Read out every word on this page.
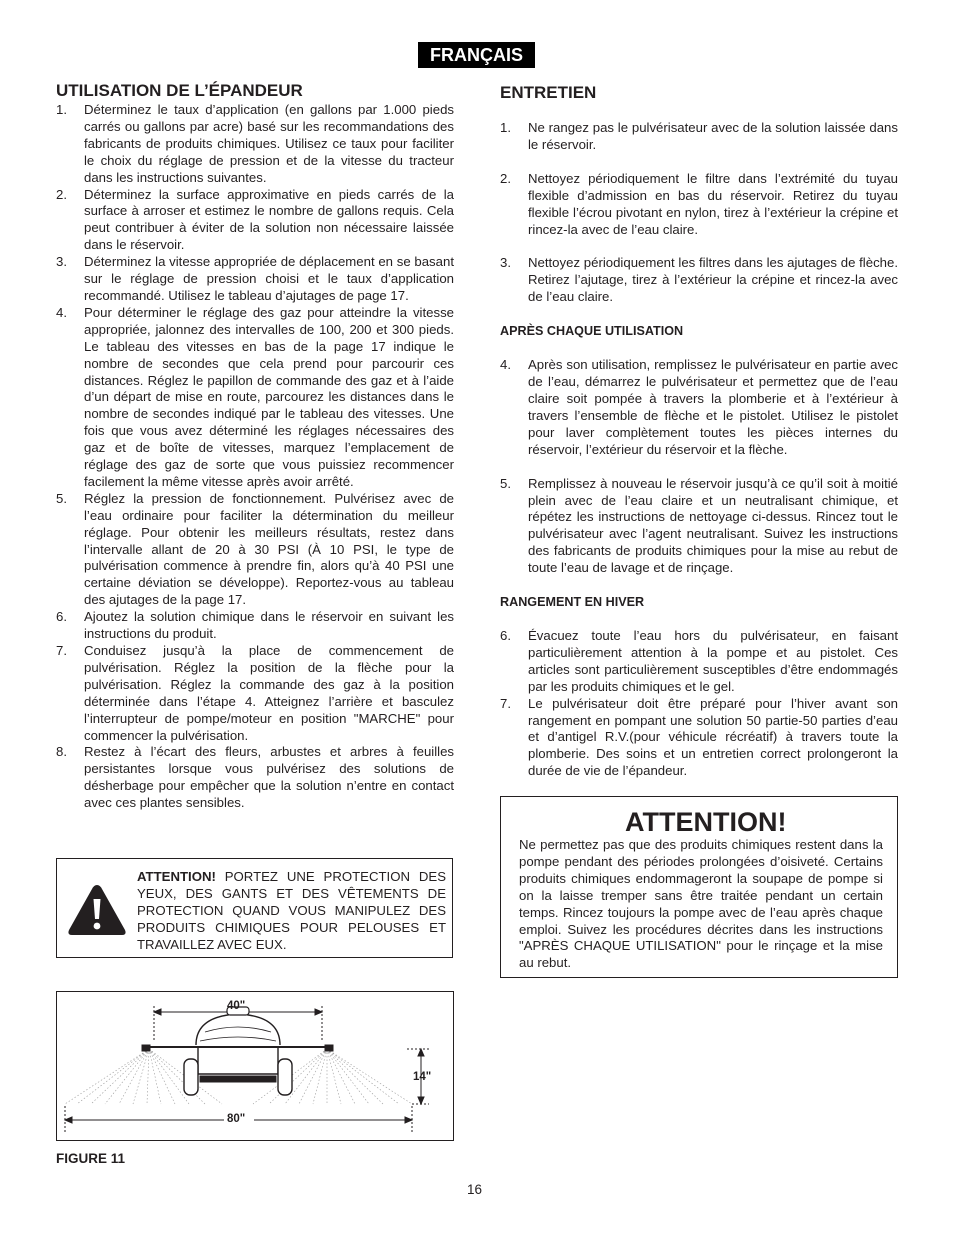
FRANÇAIS
UTILISATION DE L’ÉPANDEUR
1. Déterminez le taux d’application (en gallons par 1.000 pieds carrés ou gallons par acre) basé sur les recommandations des fabricants de produits chimiques. Utilisez ce taux pour faciliter le choix du réglage de pression et de la vitesse du tracteur dans les instructions suivantes.
2. Déterminez la surface approximative en pieds carrés de la surface à arroser et estimez le nombre de gallons requis. Cela peut contribuer à éviter de la solution non nécessaire laissée dans le réservoir.
3. Déterminez la vitesse appropriée de déplacement en se basant sur le réglage de pression choisi et le taux d’application recommandé. Utilisez le tableau d’ajutages de page 17.
4. Pour déterminer le réglage des gaz pour atteindre la vitesse appropriée, jalonnez des intervalles de 100, 200 et 300 pieds. Le tableau des vitesses en bas de la page 17 indique le nombre de secondes que cela prend pour parcourir ces distances. Réglez le papillon de commande des gaz et à l’aide d’un départ de mise en route, parcourez les distances dans le nombre de secondes indiqué par le tableau des vitesses. Une fois que vous avez déterminé les réglages nécessaires des gaz et de boîte de vitesses, marquez l’emplacement de réglage des gaz de sorte que vous puissiez recommencer facilement la même vitesse après avoir arrêté.
5. Réglez la pression de fonctionnement. Pulvérisez avec de l’eau ordinaire pour faciliter la détermination du meilleur réglage. Pour obtenir les meilleurs résultats, restez dans l’intervalle allant de 20 à 30 PSI (À 10 PSI, le type de pulvérisation commence à prendre fin, alors qu’à 40 PSI une certaine déviation se développe). Reportez-vous au tableau des ajutages de la page 17.
6. Ajoutez la solution chimique dans le réservoir en suivant les instructions du produit.
7. Conduisez jusqu’à la place de commencement de pulvérisation. Réglez la position de la flèche pour la pulvérisation. Réglez la commande des gaz à la position déterminée dans l’étape 4. Atteignez l’arrière et basculez l’interrupteur de pompe/moteur en position "MARCHE" pour commencer la pulvérisation.
8. Restez à l’écart des fleurs, arbustes et arbres à feuilles persistantes lorsque vous pulvérisez des solutions de désherbage pour empêcher que la solution n’entre en contact avec ces plantes sensibles.
ATTENTION! PORTEZ UNE PROTECTION DES YEUX, DES GANTS ET DES VÊTEMENTS DE PROTECTION QUAND VOUS MANIPULEZ DES PRODUITS CHIMIQUES POUR PELOUSES ET TRAVAILLEZ AVEC EUX.
40"
14"
80"
FIGURE 11
ENTRETIEN
1. Ne rangez pas le pulvérisateur avec de la solution laissée dans le réservoir.
2. Nettoyez périodiquement le filtre dans l’extrémité du tuyau flexible d’admission en bas du réservoir. Retirez du tuyau flexible l’écrou pivotant en nylon, tirez à l’extérieur la crépine et rincez-la avec de l’eau claire.
3. Nettoyez périodiquement les filtres dans les ajutages de flèche. Retirez l’ajutage, tirez à l’extérieur la crépine et rincez-la avec de l’eau claire.
APRÈS CHAQUE UTILISATION
4. Après son utilisation, remplissez le pulvérisateur en partie avec de l’eau, démarrez le pulvérisateur et permettez que de l’eau claire soit pompée à travers la plomberie et à l’extérieur à travers l’ensemble de flèche et le pistolet. Utilisez le pistolet pour laver complètement toutes les pièces internes du réservoir, l’extérieur du réservoir et la flèche.
5. Remplissez à nouveau le réservoir jusqu’à ce qu’il soit à moitié plein avec de l’eau claire et un neutralisant chimique, et répétez les instructions de nettoyage ci-dessus. Rincez tout le pulvérisateur avec l’agent neutralisant. Suivez les instructions des fabricants de produits chimiques pour la mise au rebut de toute l’eau de lavage et de rinçage.
RANGEMENT EN HIVER
6. Évacuez toute l’eau hors du pulvérisateur, en faisant particulièrement attention à la pompe et au pistolet. Ces articles sont particulièrement susceptibles d’être endommagés par les produits chimiques et le gel.
7. Le pulvérisateur doit être préparé pour l’hiver avant son rangement en pompant une solution 50 partie-50 parties d’eau et d’antigel R.V.(pour véhicule récréatif) à travers toute la plomberie. Des soins et un entretien correct prolongeront la durée de vie de l’épandeur.
ATTENTION!
Ne permettez pas que des produits chimiques restent dans la pompe pendant des périodes prolongées d’oisiveté. Certains produits chimiques endommageront la soupape de pompe si on la laisse tremper sans être traitée pendant un certain temps. Rincez toujours la pompe avec de l’eau après chaque emploi. Suivez les procédures décrites dans les instructions "APRÈS CHAQUE UTILISATION" pour le rinçage et la mise au rebut.
16
